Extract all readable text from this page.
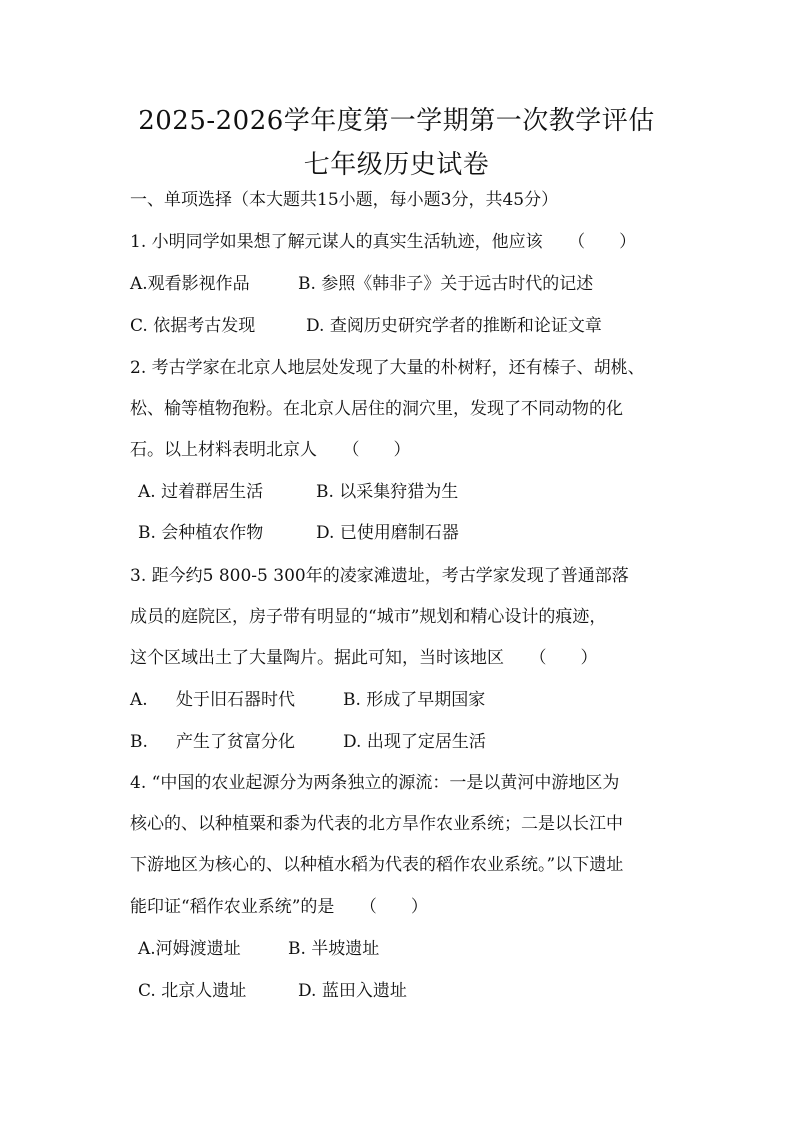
2025-2026学年度第一学期第一次教学评估
七年级历史试卷
一、单项选择（本大题共15小题，每小题3分，共45分）
1. 小明同学如果想了解元谋人的真实生活轨迹，他应该　　（　　）
A.观看影视作品	B. 参照《韩非子》关于远古时代的记述
C. 依据考古发现	D. 查阅历史研究学者的推断和论证文章
2. 考古学家在北京人地层处发现了大量的朴树籽，还有榛子、胡桃、
松、榆等植物孢粉。在北京人居住的洞穴里，发现了不同动物的化
石。以上材料表明北京人　　（　　）
A. 过着群居生活	B. 以采集狩猎为生
B. 会种植农作物	D. 已使用磨制石器
3. 距今约5 800-5 300年的凌家滩遗址，考古学家发现了普通部落
成员的庭院区，房子带有明显的“城市”规划和精心设计的痕迹，
这个区域出土了大量陶片。据此可知，当时该地区　　（　　）
A. 处于旧石器时代	B. 形成了早期国家
B. 产生了贫富分化	D. 出现了定居生活
4. “中国的农业起源分为两条独立的源流：一是以黄河中游地区为
核心的、以种植粟和黍为代表的北方旱作农业系统；二是以长江中
下游地区为核心的、以种植水稻为代表的稻作农业系统。”以下遗址
能印证“稻作农业系统”的是　　（　　）
A.河姆渡遗址	B. 半坡遗址
C. 北京人遗址	D. 蓝田入遗址
